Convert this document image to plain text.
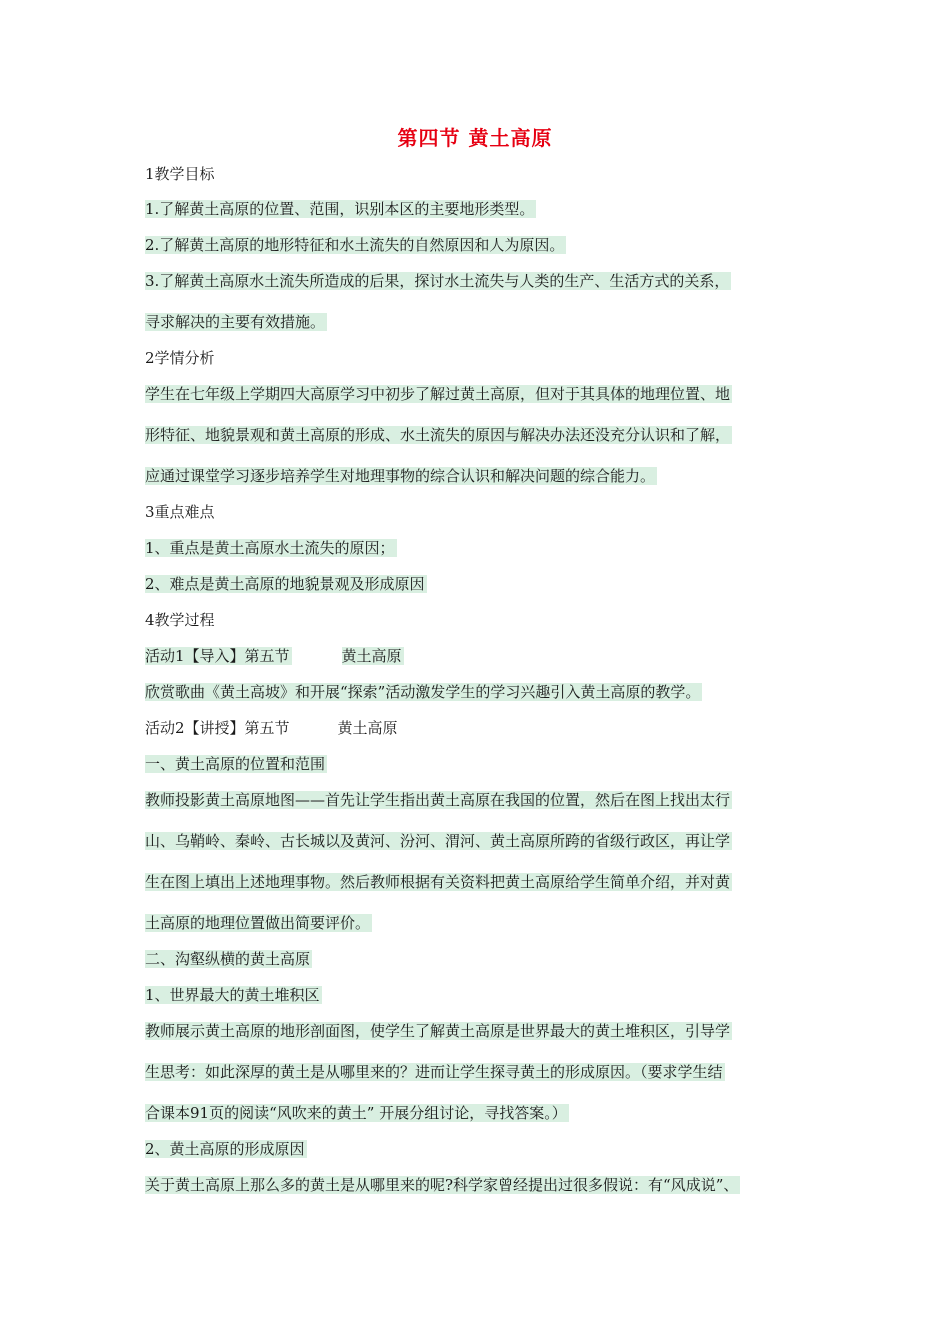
第四节 黄土高原
1教学目标
1.了解黄土高原的位置、范围，识别本区的主要地形类型。
2.了解黄土高原的地形特征和水土流失的自然原因和人为原因。
3.了解黄土高原水土流失所造成的后果，探讨水土流失与人类的生产、生活方式的关系，
寻求解决的主要有效措施。
2学情分析
学生在七年级上学期四大高原学习中初步了解过黄土高原，但对于其具体的地理位置、地
形特征、地貌景观和黄土高原的形成、水土流失的原因与解决办法还没充分认识和了解，
应通过课堂学习逐步培养学生对地理事物的综合认识和解决问题的综合能力。
3重点难点
1、重点是黄土高原水土流失的原因；
2、难点是黄土高原的地貌景观及形成原因
4教学过程
活动1【导入】第五节	黄土高原
欣赏歌曲《黄土高坡》和开展“探索”活动激发学生的学习兴趣引入黄土高原的教学。
活动2【讲授】第五节	黄土高原
一、黄土高原的位置和范围
教师投影黄土高原地图——首先让学生指出黄土高原在我国的位置，然后在图上找出太行
山、乌鞘岭、秦岭、古长城以及黄河、汾河、渭河、黄土高原所跨的省级行政区，再让学
生在图上填出上述地理事物。然后教师根据有关资料把黄土高原给学生简单介绍，并对黄
土高原的地理位置做出简要评价。
二、沟壑纵横的黄土高原
1、世界最大的黄土堆积区
教师展示黄土高原的地形剖面图，使学生了解黄土高原是世界最大的黄土堆积区，引导学
生思考：如此深厚的黄土是从哪里来的？进而让学生探寻黄土的形成原因。（要求学生结
合课本91页的阅读“风吹来的黄土” 开展分组讨论，寻找答案。）
2、黄土高原的形成原因
关于黄土高原上那么多的黄土是从哪里来的呢?科学家曾经提出过很多假说：有“风成说”、
